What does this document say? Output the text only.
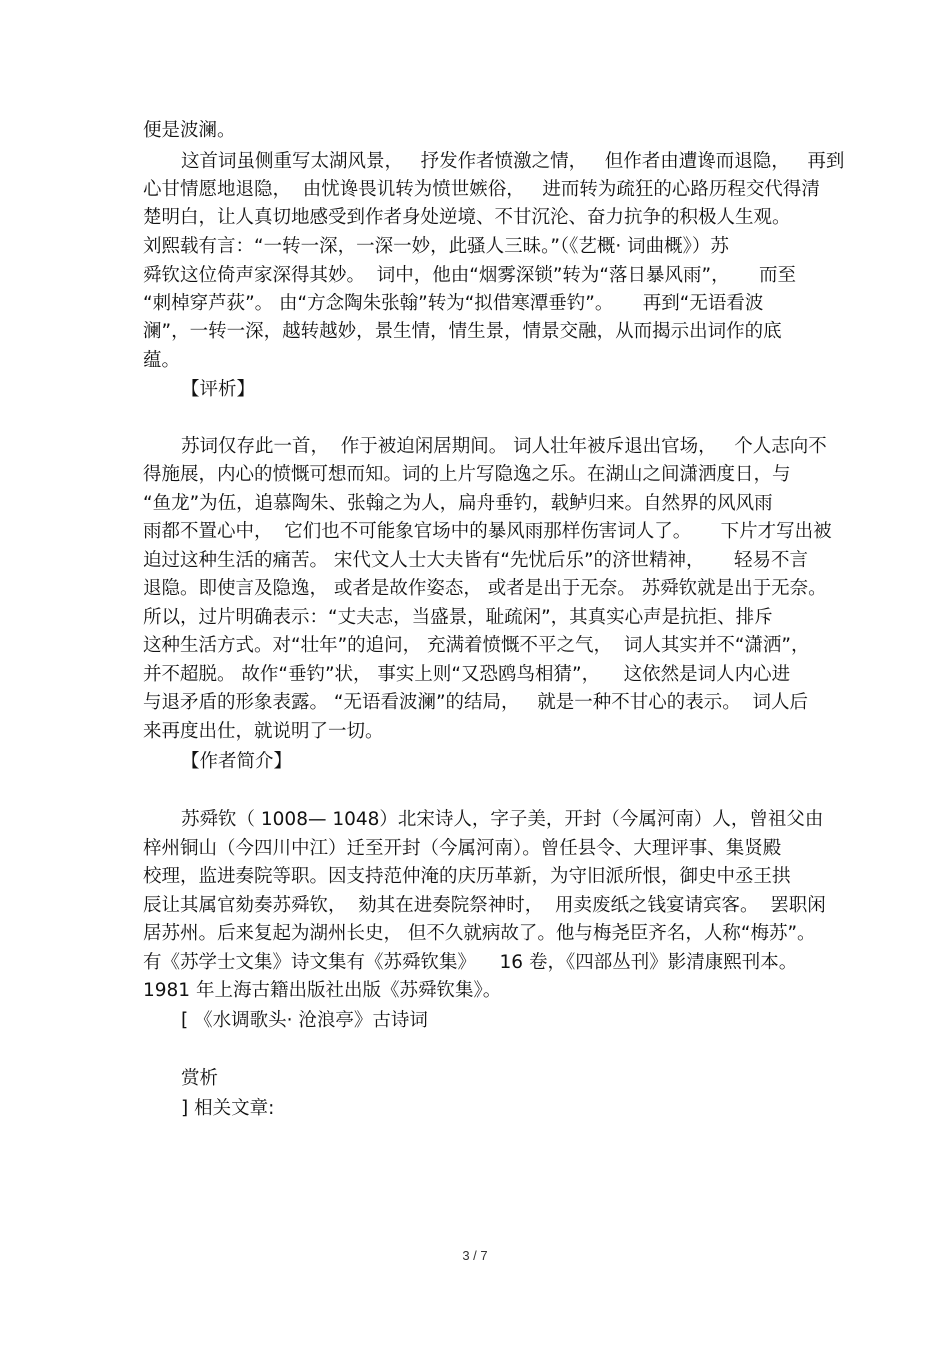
便是波澜。
这首词虽侧重写太湖风景，   抒发作者愤激之情，   但作者由遭谗而退隐，   再到
心甘情愿地退隐，  由忧谗畏讥转为愤世嫉俗，   进而转为疏狂的心路历程交代得清
楚明白，让人真切地感受到作者身处逆境、不甘沉沦、奋力抗争的积极人生观。
刘熙载有言：“一转一深，一深一妙，此骚人三昧。”（《艺概· 词曲概》）苏
舜钦这位倚声家深得其妙。  词中，他由“烟雾深锁”转为“落日暴风雨”，     而至
“刺棹穿芦荻”。 由“方念陶朱张翰”转为“拟借寒潭垂钓”。     再到“无语看波
澜”，一转一深，越转越妙，景生情，情生景，情景交融，从而揭示出词作的底
蕴。
【评析】
苏词仅存此一首，  作于被迫闲居期间。 词人壮年被斥退出官场，   个人志向不
得施展，内心的愤慨可想而知。词的上片写隐逸之乐。在湖山之间潇洒度日，与
“鱼龙”为伍，追慕陶朱、张翰之为人，扁舟垂钓，载鲈归来。自然界的风风雨
雨都不置心中，  它们也不可能象官场中的暴风雨那样伤害词人了。     下片才写出被
迫过这种生活的痛苦。 宋代文人士大夫皆有“先忧后乐”的济世精神，     轻易不言
退隐。即使言及隐逸， 或者是故作姿态， 或者是出于无奈。 苏舜钦就是出于无奈。
所以，过片明确表示：“丈夫志，当盛景，耻疏闲”，其真实心声是抗拒、排斥
这种生活方式。对“壮年”的追问， 充满着愤慨不平之气，  词人其实并不“潇洒”，
并不超脱。 故作“垂钓”状， 事实上则“又恐鸥鸟相猜”，    这依然是词人内心进
与退矛盾的形象表露。 “无语看波澜”的结局，   就是一种不甘心的表示。  词人后
来再度出仕，就说明了一切。
【作者简介】
苏舜钦（ 1008— 1048）北宋诗人，字子美，开封（今属河南）人，曾祖父由
梓州铜山（今四川中江）迁至开封（今属河南）。曾任县令、大理评事、集贤殿
校理，监进奏院等职。因支持范仲淹的庆历革新，为守旧派所恨，御史中丞王拱
辰让其属官劾奏苏舜钦，  劾其在进奏院祭神时，  用卖废纸之钱宴请宾客。  罢职闲
居苏州。后来复起为湖州长史， 但不久就病故了。他与梅尧臣齐名，人称“梅苏”。
有《苏学士文集》诗文集有《苏舜钦集》    16 卷，《四部丛刊》影清康熙刊本。
1981 年上海古籍出版社出版《苏舜钦集》。
[ 《水调歌头· 沧浪亭》古诗词
赏析
] 相关文章:
3 / 7
